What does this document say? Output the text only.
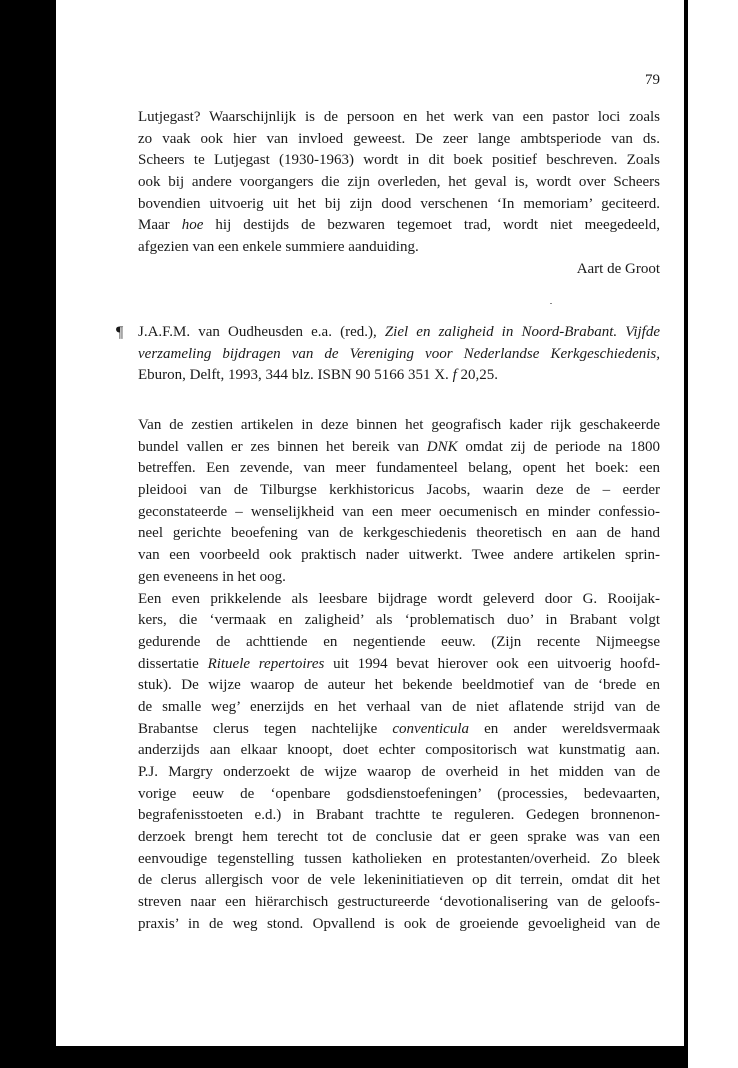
79
Lutjegast? Waarschijnlijk is de persoon en het werk van een pastor loci zoals
zo vaak ook hier van invloed geweest. De zeer lange ambtsperiode van ds.
Scheers te Lutjegast (1930-1963) wordt in dit boek positief beschreven. Zoals
ook bij andere voorgangers die zijn overleden, het geval is, wordt over Scheers
bovendien uitvoerig uit het bij zijn dood verschenen ‘In memoriam’ geciteerd.
Maar hoe hij destijds de bezwaren tegemoet trad, wordt niet meegedeeld,
afgezien van een enkele summiere aanduiding.
Aart de Groot
¶ J.A.F.M. van Oudheusden e.a. (red.), Ziel en zaligheid in Noord-Brabant. Vijfde
verzameling bijdragen van de Vereniging voor Nederlandse Kerkgeschiedenis,
Eburon, Delft, 1993, 344 blz. ISBN 90 5166 351 X. f 20,25.
Van de zestien artikelen in deze binnen het geografisch kader rijk geschakeerde
bundel vallen er zes binnen het bereik van DNK omdat zij de periode na 1800
betreffen. Een zevende, van meer fundamenteel belang, opent het boek: een
pleidooi van de Tilburgse kerkhistoricus Jacobs, waarin deze de – eerder
geconstateerde – wenselijkheid van een meer oecumenisch en minder confessio-
neel gerichte beoefening van de kerkgeschiedenis theoretisch en aan de hand
van een voorbeeld ook praktisch nader uitwerkt. Twee andere artikelen sprin-
gen eveneens in het oog.
Een even prikkelende als leesbare bijdrage wordt geleverd door G. Rooijak-
kers, die ‘vermaak en zaligheid’ als ‘problematisch duo’ in Brabant volgt
gedurende de achttiende en negentiende eeuw. (Zijn recente Nijmeegse
dissertatie Rituele repertoires uit 1994 bevat hierover ook een uitvoerig hoofd-
stuk). De wijze waarop de auteur het bekende beeldmotief van de ‘brede en
de smalle weg’ enerzijds en het verhaal van de niet aflatende strijd van de
Brabantse clerus tegen nachtelijke conventicula en ander wereldsvermaak
anderzijds aan elkaar knoopt, doet echter compositorisch wat kunstmatig aan.
P.J. Margry onderzoekt de wijze waarop de overheid in het midden van de
vorige eeuw de ‘openbare godsdienstoefeningen’ (processies, bedevaarten,
begrafenisstoeten e.d.) in Brabant trachtte te reguleren. Gedegen bronnenon-
derzoek brengt hem terecht tot de conclusie dat er geen sprake was van een
eenvoudige tegenstelling tussen katholieken en protestanten/overheid. Zo bleek
de clerus allergisch voor de vele lekeninitiatieven op dit terrein, omdat dit het
streven naar een hiërarchisch gestructureerde ‘devotionalisering van de geloofs-
praxis’ in de weg stond. Opvallend is ook de groeiende gevoeligheid van de
